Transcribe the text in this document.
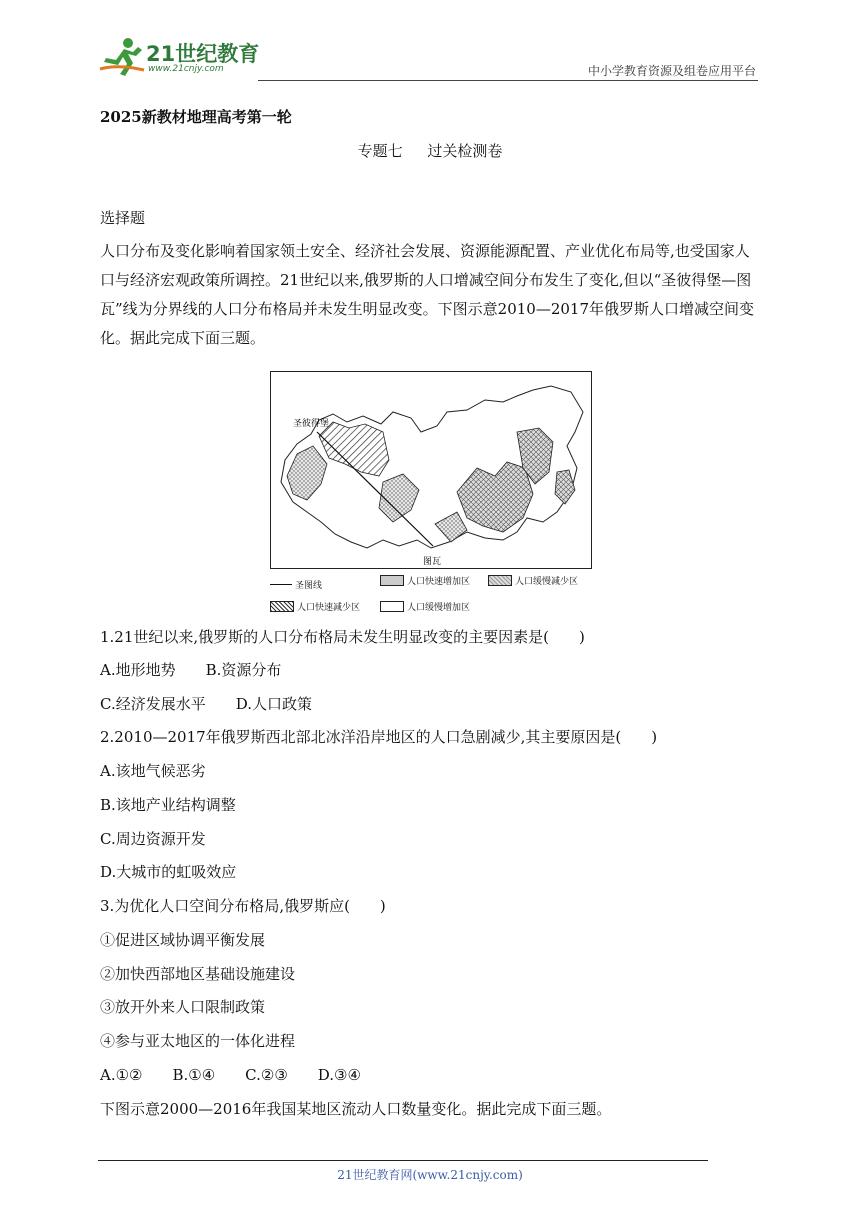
21世纪教育
www.21cnjy.com	中小学教育资源及组卷应用平台
2025新教材地理高考第一轮
专题七 过关检测卷
选择题

人口分布及变化影响着国家领土安全、经济社会发展、资源能源配置、产业优化布局等,也受国家人口与经济宏观政策所调控。21世纪以来,俄罗斯的人口增减空间分布发生了变化,但以“圣彼得堡—图瓦”线为分界线的人口分布格局并未发生明显改变。下图示意2010—2017年俄罗斯人口增减空间变化。据此完成下面三题。

圣彼得堡
图瓦
圣图线	人口快速增加区	人口缓慢减少区
人口快速减少区	人口缓慢增加区
1.21世纪以来,俄罗斯的人口分布格局未发生明显改变的主要因素是(　　)
A.地形地势　　B.资源分布
C.经济发展水平　　D.人口政策
2.2010—2017年俄罗斯西北部北冰洋沿岸地区的人口急剧减少,其主要原因是(　　)
A.该地气候恶劣
B.该地产业结构调整
C.周边资源开发
D.大城市的虹吸效应
3.为优化人口空间分布格局,俄罗斯应(　　)
①促进区域协调平衡发展
②加快西部地区基础设施建设
③放开外来人口限制政策
④参与亚太地区的一体化进程
A.①②　　B.①④　　C.②③　　D.③④
下图示意2000—2016年我国某地区流动人口数量变化。据此完成下面三题。
21世纪教育网(www.21cnjy.com)
